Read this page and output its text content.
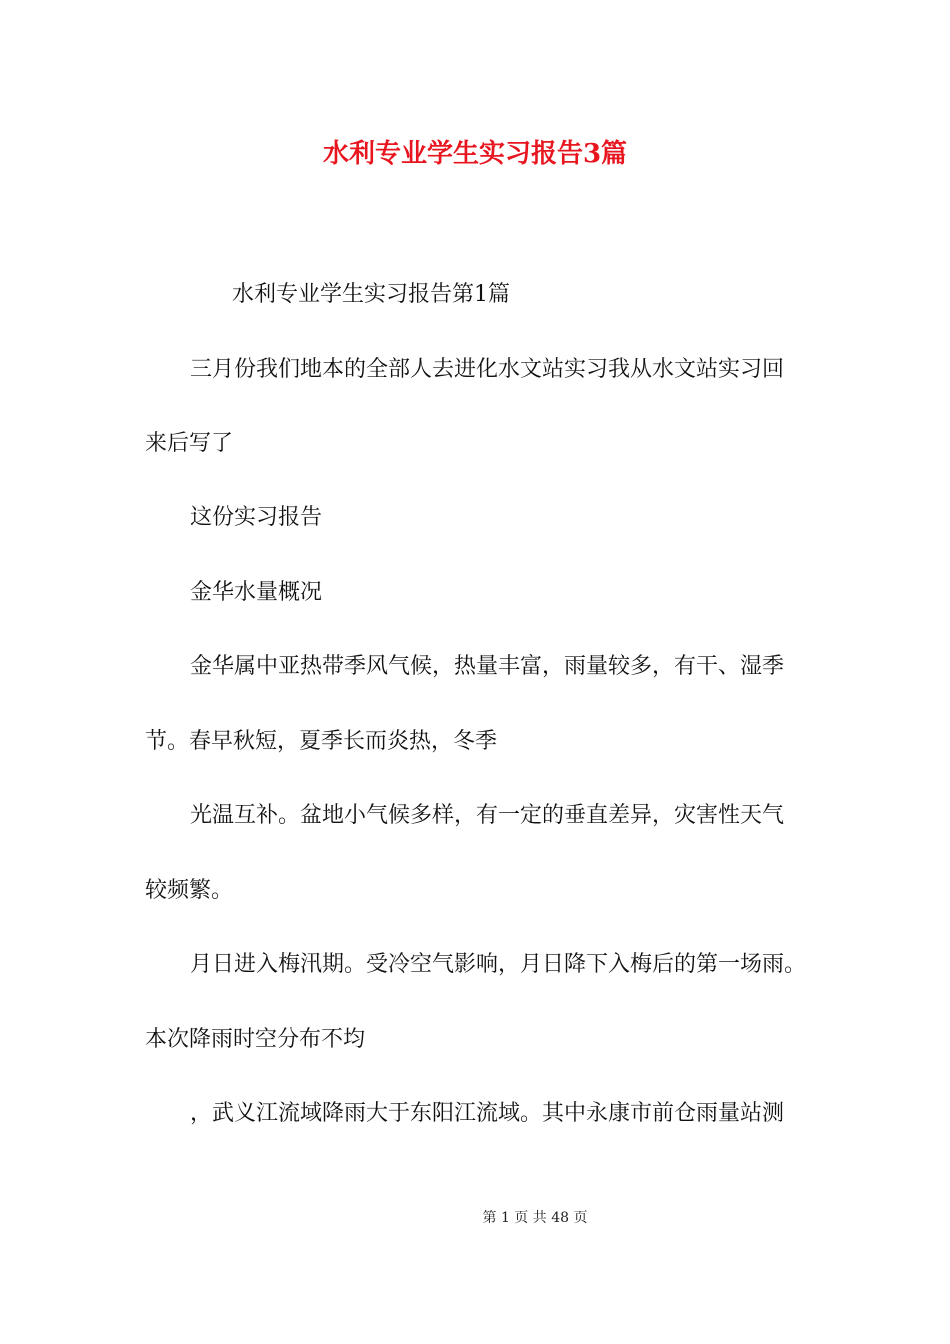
水利专业学生实习报告3篇
水利专业学生实习报告第1篇
三月份我们地本的全部人去进化水文站实习我从水文站实习回
来后写了
这份实习报告
金华水量概况
金华属中亚热带季风气候，热量丰富，雨量较多，有干、湿季
节。春早秋短，夏季长而炎热，冬季
光温互补。盆地小气候多样，有一定的垂直差异，灾害性天气
较频繁。
月日进入梅汛期。受冷空气影响，月日降下入梅后的第一场雨。
本次降雨时空分布不均
，武义江流域降雨大于东阳江流域。其中永康市前仓雨量站测
第 1 页 共 48 页
